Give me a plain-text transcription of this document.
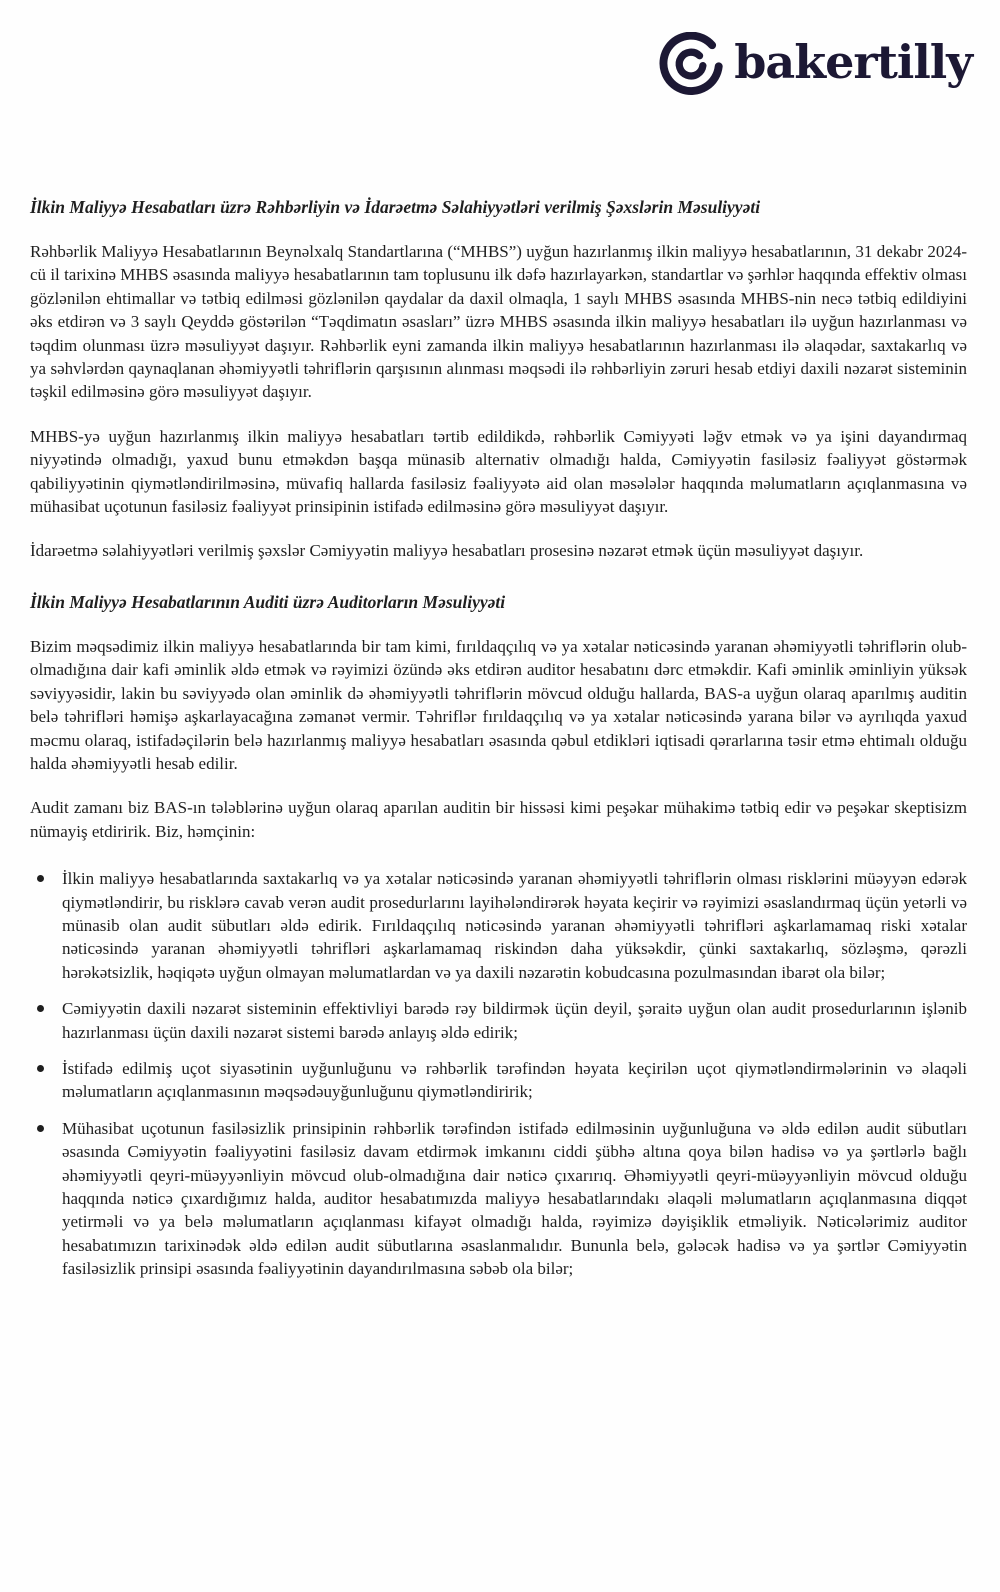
bakertilly
İlkin Maliyyə Hesabatları üzrə Rəhbərliyin və İdarəetmə Səlahiyyətləri verilmiş Şəxslərin Məsuliyyəti

Rəhbərlik Maliyyə Hesabatlarının Beynəlxalq Standartlarına (“MHBS”) uyğun hazırlanmış ilkin maliyyə hesabatlarının, 31 dekabr 2024-cü il tarixinə MHBS əsasında maliyyə hesabatlarının tam toplusunu ilk dəfə hazırlayarkən, standartlar və şərhlər haqqında effektiv olması gözlənilən ehtimallar və tətbiq edilməsi gözlənilən qaydalar da daxil olmaqla, 1 saylı MHBS əsasında MHBS-nin necə tətbiq edildiyini əks etdirən və 3 saylı Qeyddə göstərilən “Təqdimatın əsasları” üzrə MHBS əsasında ilkin maliyyə hesabatları ilə uyğun hazırlanması və təqdim olunması üzrə məsuliyyət daşıyır. Rəhbərlik eyni zamanda ilkin maliyyə hesabatlarının hazırlanması ilə əlaqədar, saxtakarlıq və ya səhvlərdən qaynaqlanan əhəmiyyətli təhriflərin qarşısının alınması məqsədi ilə rəhbərliyin zəruri hesab etdiyi daxili nəzarət sisteminin təşkil edilməsinə görə məsuliyyət daşıyır.

MHBS-yə uyğun hazırlanmış ilkin maliyyə hesabatları tərtib edildikdə, rəhbərlik Cəmiyyəti ləğv etmək və ya işini dayandırmaq niyyətində olmadığı, yaxud bunu etməkdən başqa münasib alternativ olmadığı halda, Cəmiyyətin fasiləsiz fəaliyyət göstərmək qabiliyyətinin qiymətləndirilməsinə, müvafiq hallarda fasiləsiz fəaliyyətə aid olan məsələlər haqqında məlumatların açıqlanmasına və mühasibat uçotunun fasiləsiz fəaliyyət prinsipinin istifadə edilməsinə görə məsuliyyət daşıyır.

İdarəetmə səlahiyyətləri verilmiş şəxslər Cəmiyyətin maliyyə hesabatları prosesinə nəzarət etmək üçün məsuliyyət daşıyır.

İlkin Maliyyə Hesabatlarının Auditi üzrə Auditorların Məsuliyyəti

Bizim məqsədimiz ilkin maliyyə hesabatlarında bir tam kimi, fırıldaqçılıq və ya xətalar nəticəsində yaranan əhəmiyyətli təhriflərin olub-olmadığına dair kafi əminlik əldə etmək və rəyimizi özündə əks etdirən auditor hesabatını dərc etməkdir. Kafi əminlik əminliyin yüksək səviyyəsidir, lakin bu səviyyədə olan əminlik də əhəmiyyətli təhriflərin mövcud olduğu hallarda, BAS-a uyğun olaraq aparılmış auditin belə təhrifləri həmişə aşkarlayacağına zəmanət vermir. Təhriflər fırıldaqçılıq və ya xətalar nəticəsində yarana bilər və ayrılıqda yaxud məcmu olaraq, istifadəçilərin belə hazırlanmış maliyyə hesabatları əsasında qəbul etdikləri iqtisadi qərarlarına təsir etmə ehtimalı olduğu halda əhəmiyyətli hesab edilir.

Audit zamanı biz BAS-ın tələblərinə uyğun olaraq aparılan auditin bir hissəsi kimi peşəkar mühakimə tətbiq edir və peşəkar skeptisizm nümayiş etdiririk. Biz, həmçinin:

İlkin maliyyə hesabatlarında saxtakarlıq və ya xətalar nəticəsində yaranan əhəmiyyətli təhriflərin olması risklərini müəyyən edərək qiymətləndirir, bu risklərə cavab verən audit prosedurlarını layihələndirərək həyata keçirir və rəyimizi əsaslandırmaq üçün yetərli və münasib olan audit sübutları əldə edirik. Fırıldaqçılıq nəticəsində yaranan əhəmiyyətli təhrifləri aşkarlamamaq riski xətalar nəticəsində yaranan əhəmiyyətli təhrifləri aşkarlamamaq riskindən daha yüksəkdir, çünki saxtakarlıq, sözləşmə, qərəzli hərəkətsizlik, həqiqətə uyğun olmayan məlumatlardan və ya daxili nəzarətin kobudcasına pozulmasından ibarət ola bilər;
Cəmiyyətin daxili nəzarət sisteminin effektivliyi barədə rəy bildirmək üçün deyil, şəraitə uyğun olan audit prosedurlarının işlənib hazırlanması üçün daxili nəzarət sistemi barədə anlayış əldə edirik;
İstifadə edilmiş uçot siyasətinin uyğunluğunu və rəhbərlik tərəfindən həyata keçirilən uçot qiymətləndirmələrinin və əlaqəli məlumatların açıqlanmasının məqsədəuyğunluğunu qiymətləndiririk;
Mühasibat uçotunun fasiləsizlik prinsipinin rəhbərlik tərəfindən istifadə edilməsinin uyğunluğuna və əldə edilən audit sübutları əsasında Cəmiyyətin fəaliyyətini fasiləsiz davam etdirmək imkanını ciddi şübhə altına qoya bilən hadisə və ya şərtlərlə bağlı əhəmiyyətli qeyri-müəyyənliyin mövcud olub-olmadığına dair nəticə çıxarırıq. Əhəmiyyətli qeyri-müəyyənliyin mövcud olduğu haqqında nəticə çıxardığımız halda, auditor hesabatımızda maliyyə hesabatlarındakı əlaqəli məlumatların açıqlanmasına diqqət yetirməli və ya belə məlumatların açıqlanması kifayət olmadığı halda, rəyimizə dəyişiklik etməliyik. Nəticələrimiz auditor hesabatımızın tarixinədək əldə edilən audit sübutlarına əsaslanmalıdır. Bununla belə, gələcək hadisə və ya şərtlər Cəmiyyətin fasiləsizlik prinsipi əsasında fəaliyyətinin dayandırılmasına səbəb ola bilər;
